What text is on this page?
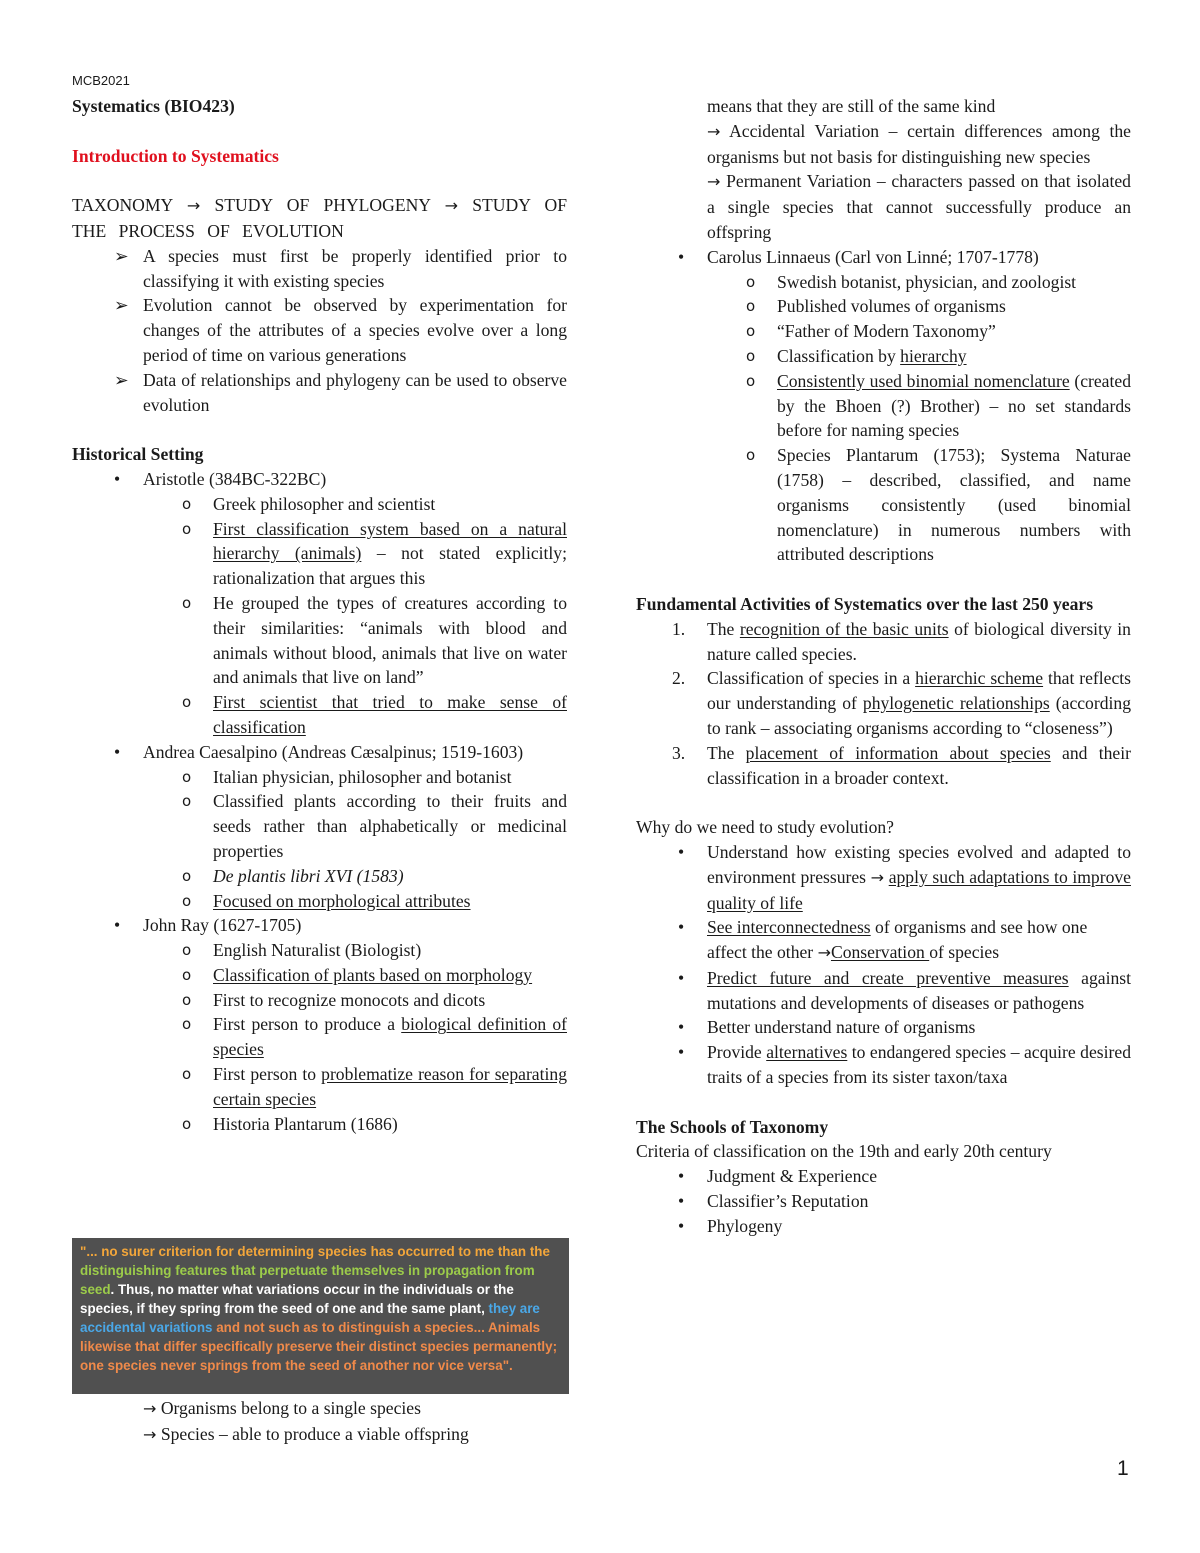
MCB2021
Systematics (BIO423)
Introduction to Systematics
TAXONOMY → STUDY OF PHYLOGENY → STUDY OF THE PROCESS OF EVOLUTION
➢ A species must first be properly identified prior to classifying it with existing species
➢ Evolution cannot be observed by experimentation for changes of the attributes of a species evolve over a long period of time on various generations
➢ Data of relationships and phylogeny can be used to observe evolution
Historical Setting
• Aristotle (384BC-322BC)
o Greek philosopher and scientist
o First classification system based on a natural hierarchy (animals) – not stated explicitly; rationalization that argues this
o He grouped the types of creatures according to their similarities: “animals with blood and animals without blood, animals that live on water and animals that live on land”
o First scientist that tried to make sense of classification
• Andrea Caesalpino (Andreas Cæsalpinus; 1519-1603)
o Italian physician, philosopher and botanist
o Classified plants according to their fruits and seeds rather than alphabetically or medicinal properties
o De plantis libri XVI (1583)
o Focused on morphological attributes
• John Ray (1627-1705)
o English Naturalist (Biologist)
o Classification of plants based on morphology
o First to recognize monocots and dicots
o First person to produce a biological definition of species
o First person to problematize reason for separating certain species
o Historia Plantarum (1686)
"... no surer criterion for determining species has occurred to me than the distinguishing features that perpetuate themselves in propagation from seed. Thus, no matter what variations occur in the individuals or the species, if they spring from the seed of one and the same plant, they are accidental variations and not such as to distinguish a species... Animals likewise that differ specifically preserve their distinct species permanently; one species never springs from the seed of another nor vice versa".
→ Organisms belong to a single species
→ Species – able to produce a viable offspring
means that they are still of the same kind
→ Accidental Variation – certain differences among the organisms but not basis for distinguishing new species
→ Permanent Variation – characters passed on that isolated a single species that cannot successfully produce an offspring
• Carolus Linnaeus (Carl von Linné; 1707-1778)
o Swedish botanist, physician, and zoologist
o Published volumes of organisms
o “Father of Modern Taxonomy”
o Classification by hierarchy
o Consistently used binomial nomenclature (created by the Bhoen (?) Brother) – no set standards before for naming species
o Species Plantarum (1753); Systema Naturae (1758) – described, classified, and name organisms consistently (used binomial nomenclature) in numerous numbers with attributed descriptions
Fundamental Activities of Systematics over the last 250 years
1. The recognition of the basic units of biological diversity in nature called species.
2. Classification of species in a hierarchic scheme that reflects our understanding of phylogenetic relationships (according to rank – associating organisms according to “closeness”)
3. The placement of information about species and their classification in a broader context.
Why do we need to study evolution?
• Understand how existing species evolved and adapted to environment pressures → apply such adaptations to improve quality of life
• See interconnectedness of organisms and see how one affect the other →Conservation of species
• Predict future and create preventive measures against mutations and developments of diseases or pathogens
• Better understand nature of organisms
• Provide alternatives to endangered species – acquire desired traits of a species from its sister taxon/taxa
The Schools of Taxonomy
Criteria of classification on the 19th and early 20th century
• Judgment & Experience
• Classifier’s Reputation
• Phylogeny
1
